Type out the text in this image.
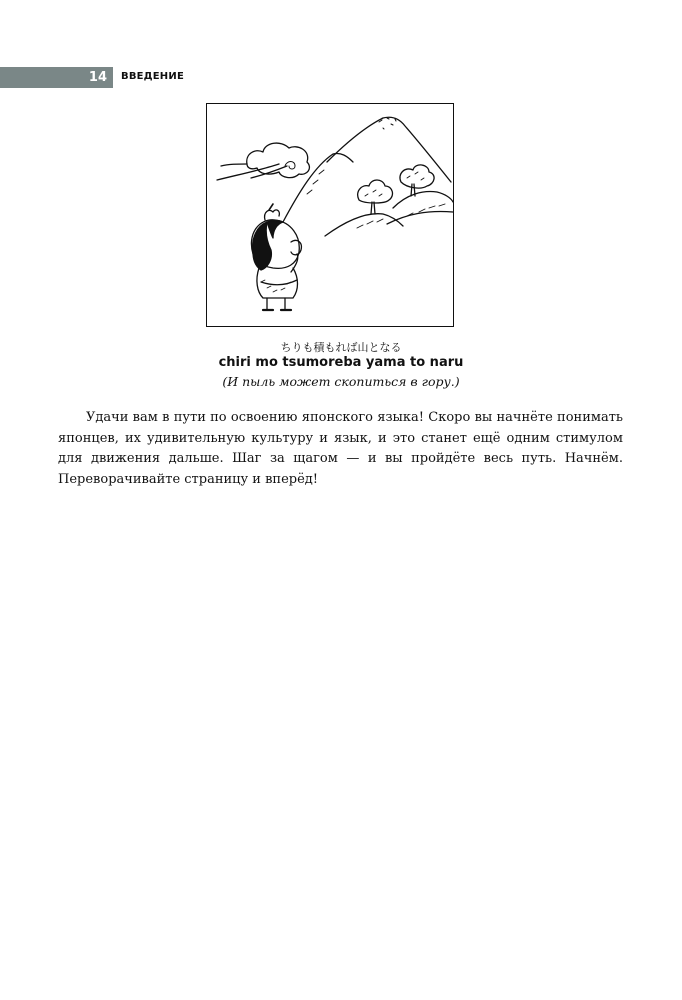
14 ВВЕДЕНИЕ
ちりも積もれば山となる
chiri mo tsumoreba yama to naru
(И пыль может скопиться в гору.)

Удачи вам в пути по освоению японского языка! Скоро вы начнёте понимать японцев, их удивительную культуру и язык, и это станет ещё одним стимулом для движения дальше. Шаг за щагом — и вы пройдёте весь путь. Начнём. Переворачивайте страницу и вперёд!
